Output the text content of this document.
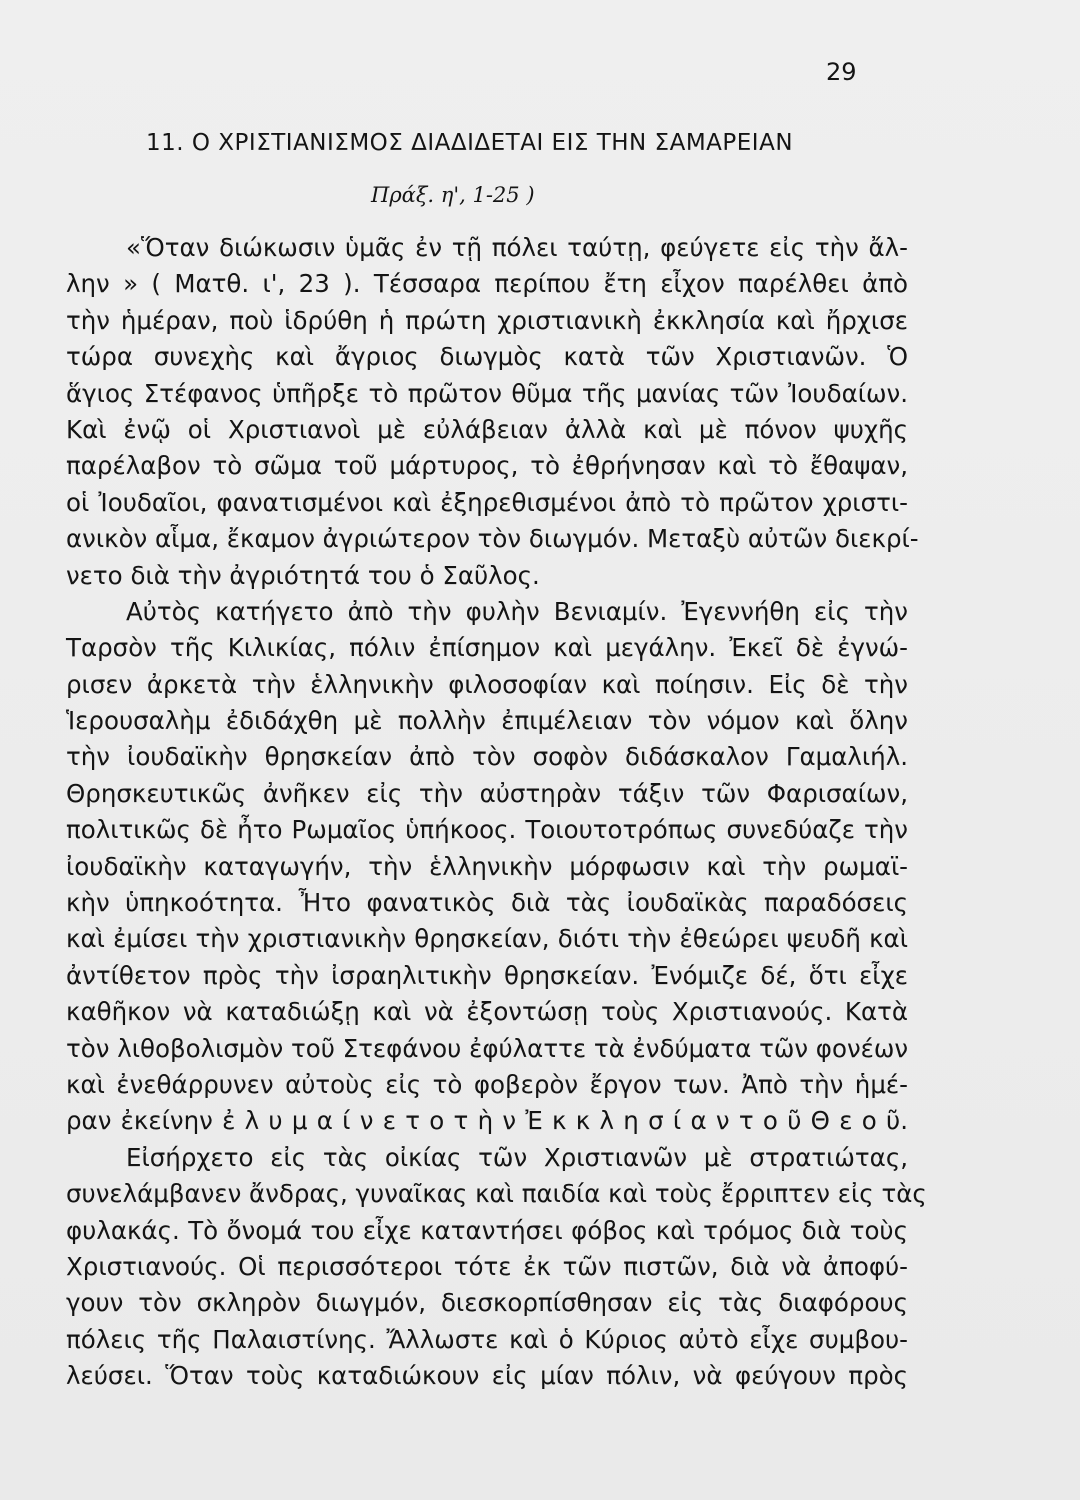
29
11. Ο ΧΡΙΣΤΙΑΝΙΣΜΟΣ ΔΙΑΔΙΔΕΤΑΙ ΕΙΣ ΤΗΝ ΣΑΜΑΡΕΙΑΝ
Πράξ. η', 1-25 )

«Ὅταν διώκωσιν ὑμᾶς ἐν τῇ πόλει ταύτῃ, φεύγετε εἰς τὴν ἄλ-
λην » ( Ματθ. ι', 23 ). Τέσσαρα περίπου ἔτη εἶχον παρέλθει ἀπὸ
τὴν ἡμέραν, ποὺ ἱδρύθη ἡ πρώτη χριστιανικὴ ἐκκλησία καὶ ἤρχισε
τώρα συνεχὴς καὶ ἄγριος διωγμὸς κατὰ τῶν Χριστιανῶν. Ὁ
ἅγιος Στέφανος ὑπῆρξε τὸ πρῶτον θῦμα τῆς μανίας τῶν Ἰουδαίων.
Καὶ ἐνῷ οἱ Χριστιανοὶ μὲ εὐλάβειαν ἀλλὰ καὶ μὲ πόνον ψυχῆς
παρέλαβον τὸ σῶμα τοῦ μάρτυρος, τὸ ἐθρήνησαν καὶ τὸ ἔθαψαν,
οἱ Ἰουδαῖοι, φανατισμένοι καὶ ἐξηρεθισμένοι ἀπὸ τὸ πρῶτον χριστι-
ανικὸν αἷμα, ἔκαμον ἀγριώτερον τὸν διωγμόν. Μεταξὺ αὐτῶν διεκρί-
νετο διὰ τὴν ἀγριότητά του ὁ Σαῦλος.

Αὐτὸς κατήγετο ἀπὸ τὴν φυλὴν Βενιαμίν. Ἐγεννήθη εἰς τὴν
Ταρσὸν τῆς Κιλικίας, πόλιν ἐπίσημον καὶ μεγάλην. Ἐκεῖ δὲ ἐγνώ-
ρισεν ἀρκετὰ τὴν ἑλληνικὴν φιλοσοφίαν καὶ ποίησιν. Εἰς δὲ τὴν
Ἱερουσαλὴμ ἐδιδάχθη μὲ πολλὴν ἐπιμέλειαν τὸν νόμον καὶ ὅλην
τὴν ἰουδαϊκὴν θρησκείαν ἀπὸ τὸν σοφὸν διδάσκαλον Γαμαλιήλ.
Θρησκευτικῶς ἀνῆκεν εἰς τὴν αὐστηρὰν τάξιν τῶν Φαρισαίων,
πολιτικῶς δὲ ἦτο Ρωμαῖος ὑπήκοος. Τοιουτοτρόπως συνεδύαζε τὴν
ἰουδαϊκὴν καταγωγήν, τὴν ἑλληνικὴν μόρφωσιν καὶ τὴν ρωμαϊ-
κὴν ὑπηκοότητα. Ἦτο φανατικὸς διὰ τὰς ἰουδαϊκὰς παραδόσεις
καὶ ἐμίσει τὴν χριστιανικὴν θρησκείαν, διότι τὴν ἐθεώρει ψευδῆ καὶ
ἀντίθετον πρὸς τὴν ἰσραηλιτικὴν θρησκείαν. Ἐνόμιζε δέ, ὅτι εἶχε
καθῆκον νὰ καταδιώξῃ καὶ νὰ ἐξοντώσῃ τοὺς Χριστιανούς. Κατὰ
τὸν λιθοβολισμὸν τοῦ Στεφάνου ἐφύλαττε τὰ ἐνδύματα τῶν φονέων
καὶ ἐνεθάρρυνεν αὐτοὺς εἰς τὸ φοβερὸν ἔργον των. Ἀπὸ τὴν ἡμέ-
ραν ἐκείνην ἐ λ υ μ α ί ν ε τ ο τ ὴ ν Ἐ κ κ λ η σ ί α ν τ ο ῦ Θ ε ο ῦ.

Εἰσήρχετο εἰς τὰς οἰκίας τῶν Χριστιανῶν μὲ στρατιώτας,
συνελάμβανεν ἄνδρας, γυναῖκας καὶ παιδία καὶ τοὺς ἔρριπτεν εἰς τὰς
φυλακάς. Τὸ ὄνομά του εἶχε καταντήσει φόβος καὶ τρόμος διὰ τοὺς
Χριστιανούς. Οἱ περισσότεροι τότε ἐκ τῶν πιστῶν, διὰ νὰ ἀποφύ-
γουν τὸν σκληρὸν διωγμόν, διεσκορπίσθησαν εἰς τὰς διαφόρους
πόλεις τῆς Παλαιστίνης. Ἄλλωστε καὶ ὁ Κύριος αὐτὸ εἶχε συμβου-
λεύσει. Ὅταν τοὺς καταδιώκουν εἰς μίαν πόλιν, νὰ φεύγουν πρὸς
